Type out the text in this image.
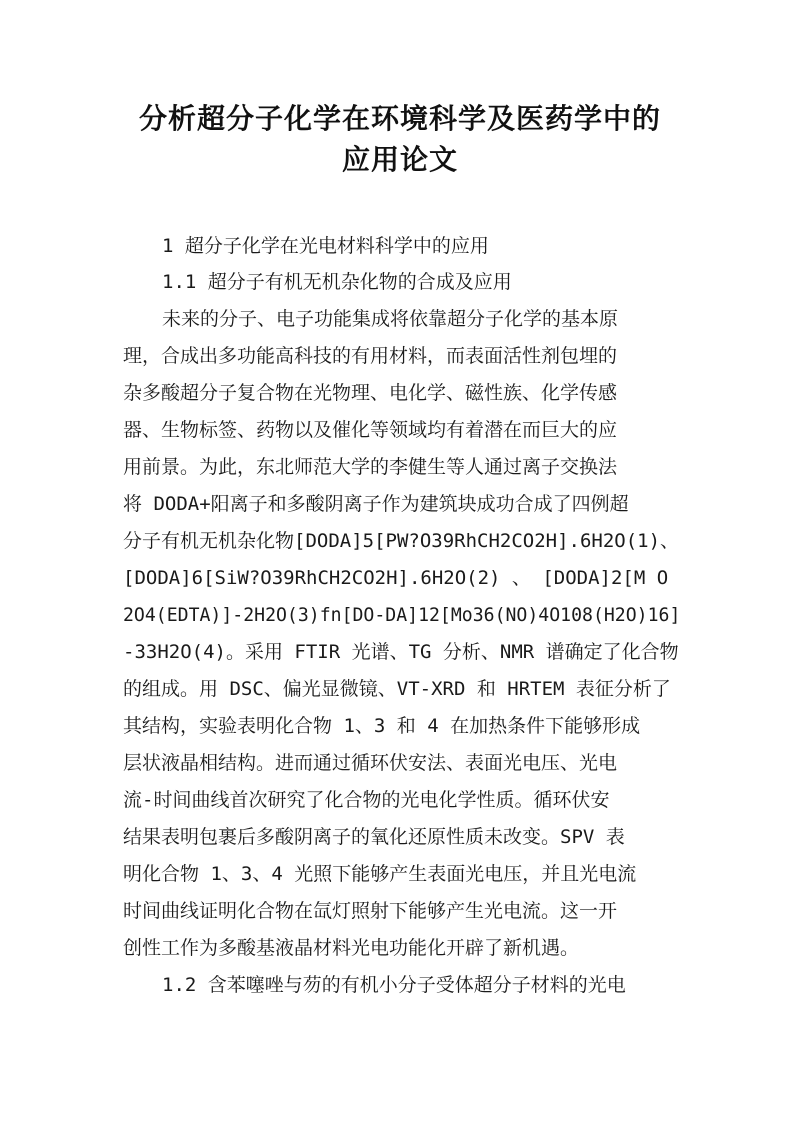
分析超分子化学在环境科学及医药学中的
应用论文
1 超分子化学在光电材料科学中的应用
1.1 超分子有机无机杂化物的合成及应用
未来的分子、电子功能集成将依靠超分子化学的基本原
理，合成出多功能高科技的有用材料，而表面活性剂包埋的
杂多酸超分子复合物在光物理、电化学、磁性族、化学传感
器、生物标签、药物以及催化等领域均有着潜在而巨大的应
用前景。为此，东北师范大学的李健生等人通过离子交换法
将 DODA+阳离子和多酸阴离子作为建筑块成功合成了四例超
分子有机无机杂化物[DODA]5[PW?O39RhCH2CO2H].6H2O(1)、
[DODA]6[SiW?O39RhCH2CO2H].6H2O(2) 、 [DODA]2[M O
2O4(EDTA)]-2H2O(3)fn[DO-DA]12[Mo36(NO)4O108(H2O)16]
-33H2O(4)。采用 FTIR 光谱、TG 分析、NMR 谱确定了化合物
的组成。用 DSC、偏光显微镜、VT-XRD 和 HRTEM 表征分析了
其结构，实验表明化合物 1、3 和 4 在加热条件下能够形成
层状液晶相结构。进而通过循环伏安法、表面光电压、光电
流-时间曲线首次研究了化合物的光电化学性质。循环伏安
结果表明包裹后多酸阴离子的氧化还原性质未改变。SPV 表
明化合物 1、3、4 光照下能够产生表面光电压，并且光电流
时间曲线证明化合物在氙灯照射下能够产生光电流。这一开
创性工作为多酸基液晶材料光电功能化开辟了新机遇。
1.2 含苯噻唑与芴的有机小分子受体超分子材料的光电
